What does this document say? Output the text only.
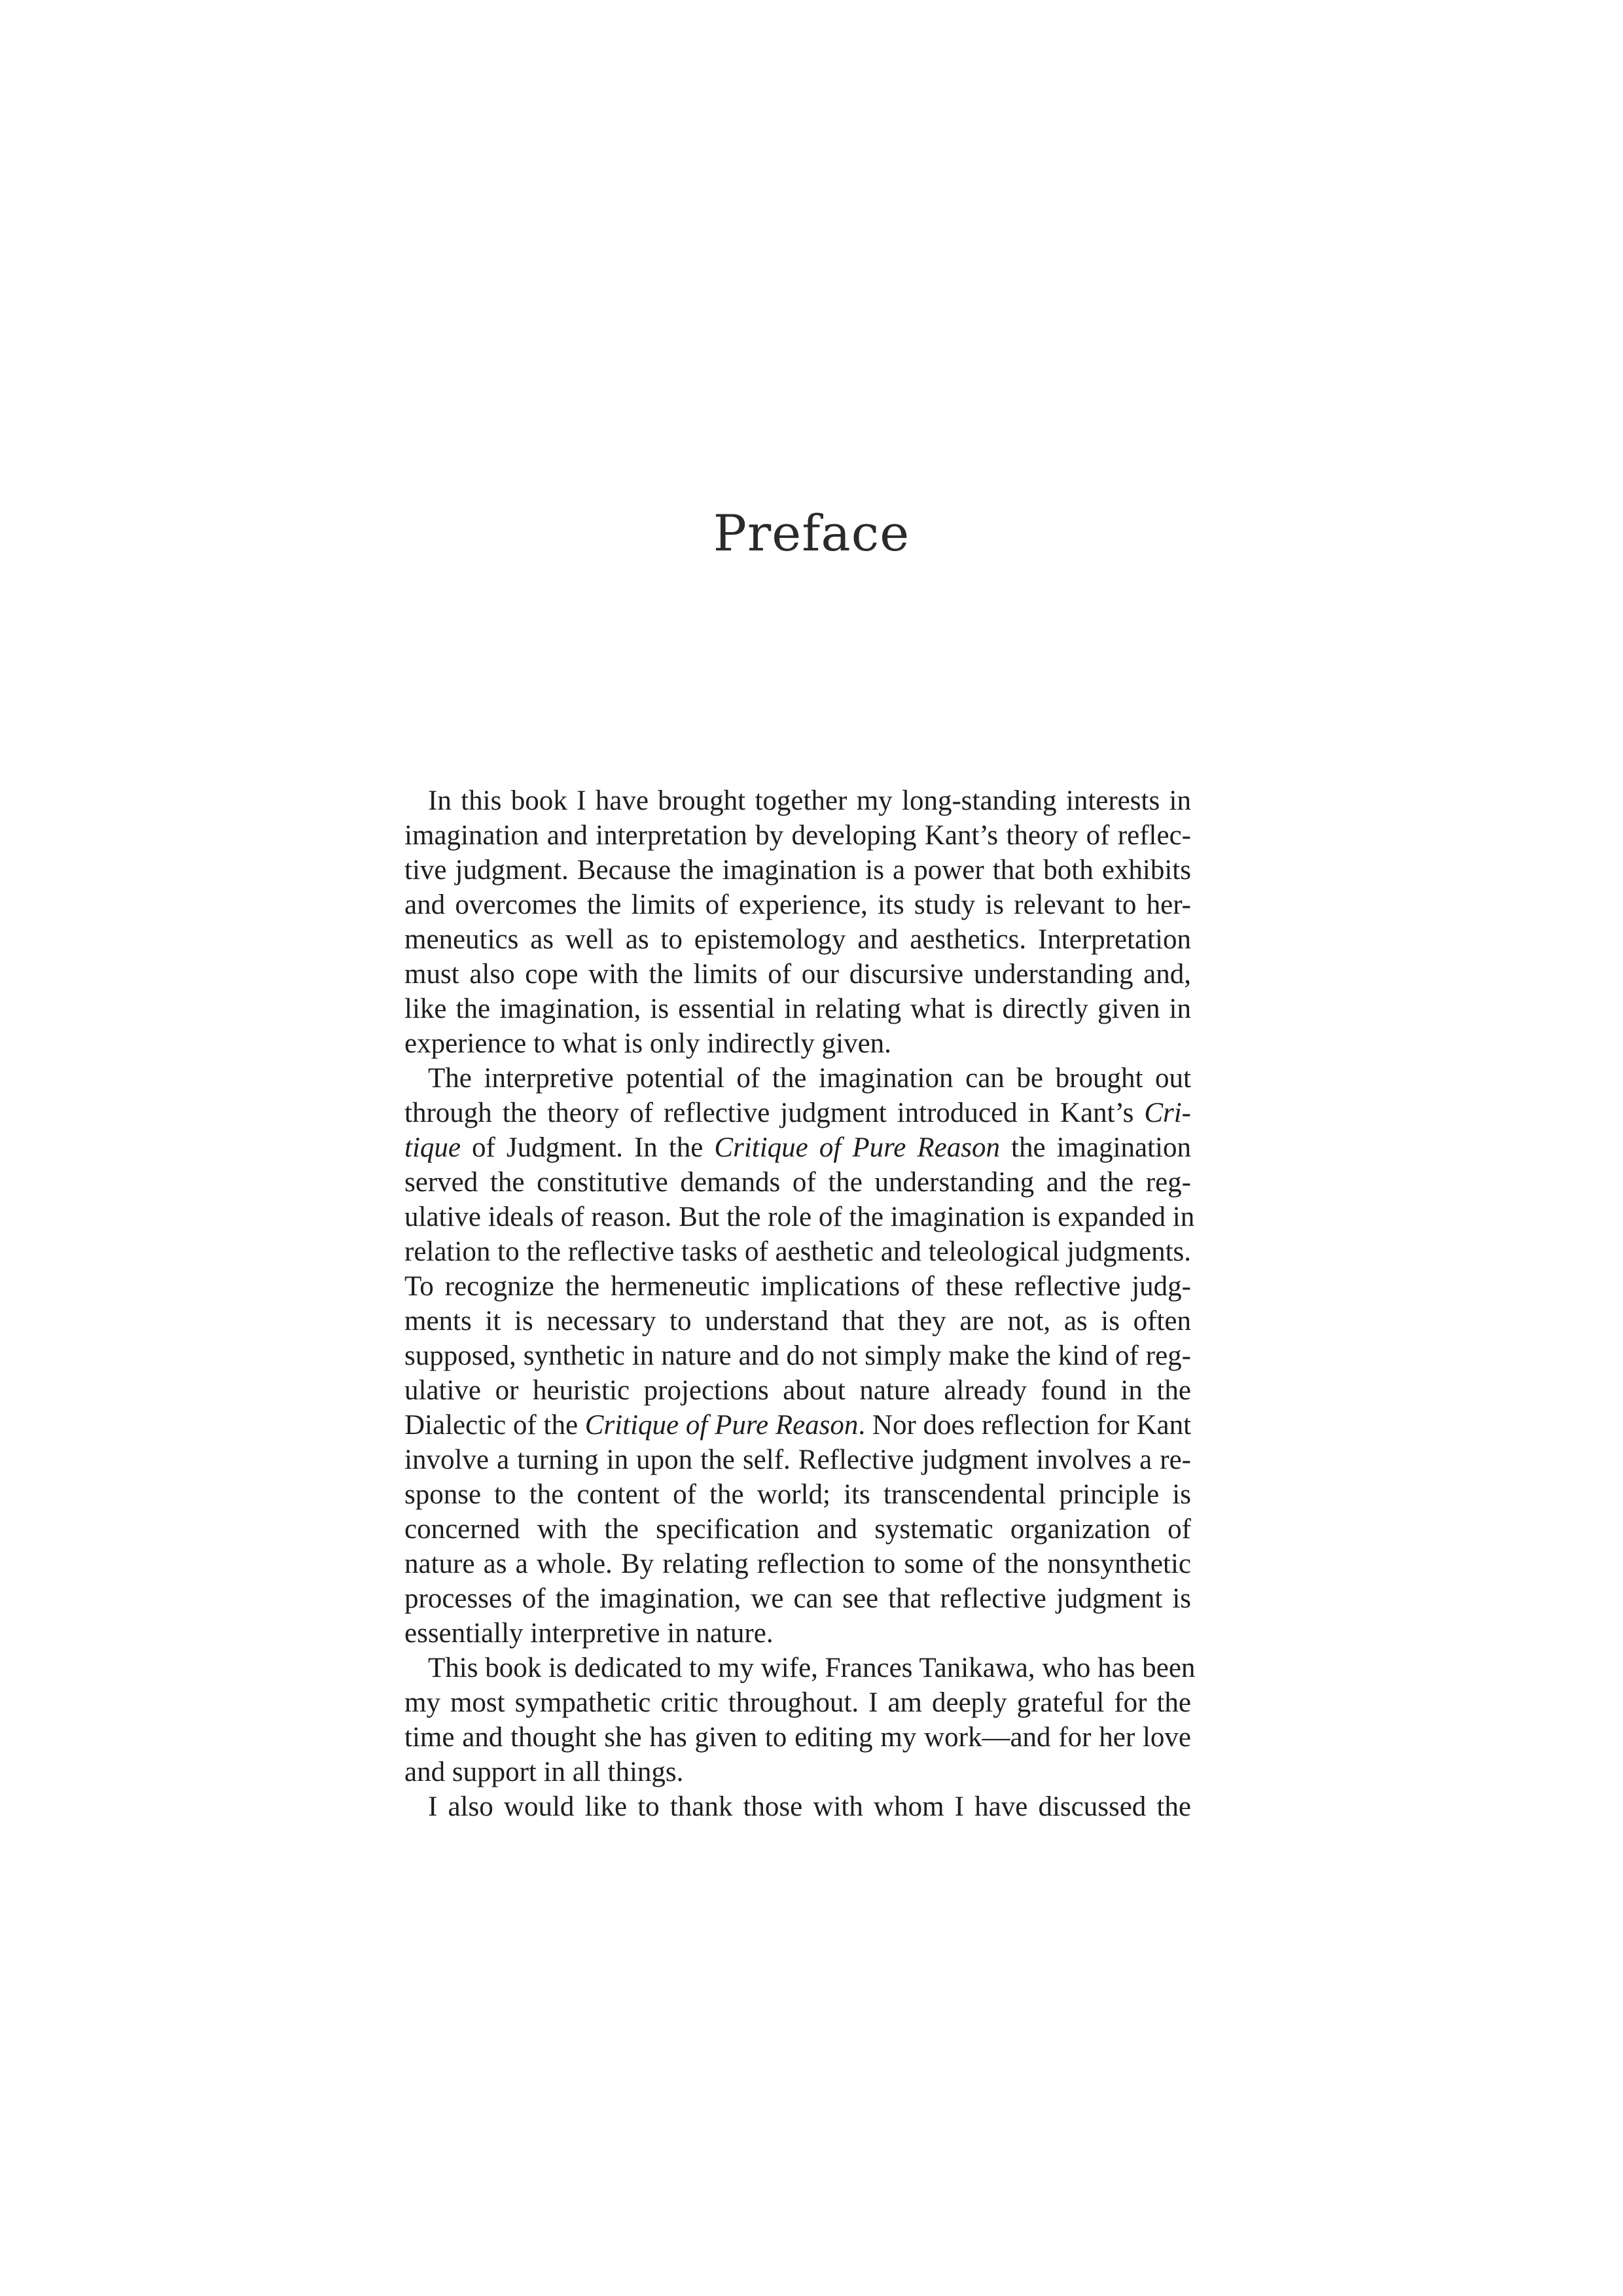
Preface
In this book I have brought together my long-standing interests in
imagination and interpretation by developing Kant’s theory of reflec-
tive judgment. Because the imagination is a power that both exhibits
and overcomes the limits of experience, its study is relevant to her-
meneutics as well as to epistemology and aesthetics. Interpretation
must also cope with the limits of our discursive understanding and,
like the imagination, is essential in relating what is directly given in
experience to what is only indirectly given.
The interpretive potential of the imagination can be brought out
through the theory of reflective judgment introduced in Kant’s Cri-
tique of Judgment. In the Critique of Pure Reason the imagination
served the constitutive demands of the understanding and the reg-
ulative ideals of reason. But the role of the imagination is expanded in
relation to the reflective tasks of aesthetic and teleological judgments.
To recognize the hermeneutic implications of these reflective judg-
ments it is necessary to understand that they are not, as is often
supposed, synthetic in nature and do not simply make the kind of reg-
ulative or heuristic projections about nature already found in the
Dialectic of the Critique of Pure Reason. Nor does reflection for Kant
involve a turning in upon the self. Reflective judgment involves a re-
sponse to the content of the world; its transcendental principle is
concerned with the specification and systematic organization of
nature as a whole. By relating reflection to some of the nonsynthetic
processes of the imagination, we can see that reflective judgment is
essentially interpretive in nature.
This book is dedicated to my wife, Frances Tanikawa, who has been
my most sympathetic critic throughout. I am deeply grateful for the
time and thought she has given to editing my work—and for her love
and support in all things.
I also would like to thank those with whom I have discussed the
